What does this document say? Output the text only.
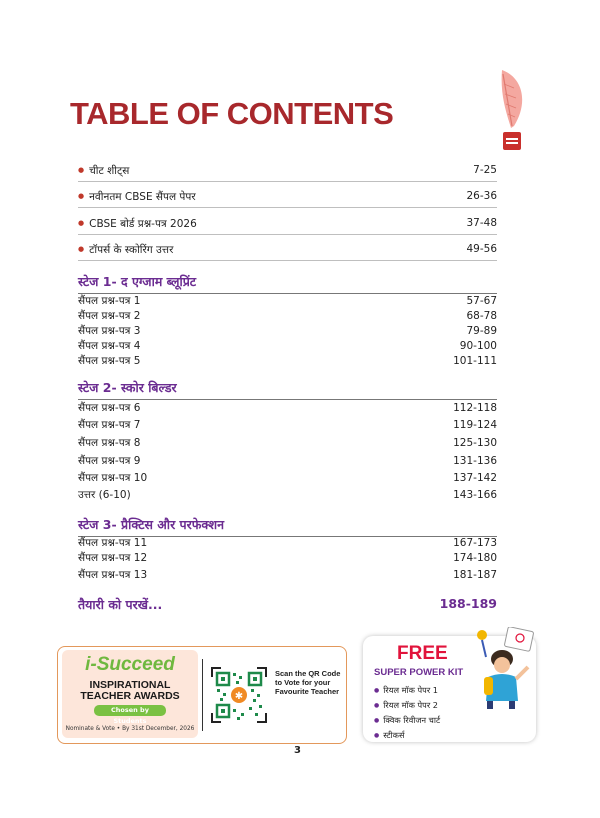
TABLE OF CONTENTS
● चीट शीट्स	7-25
● नवीनतम CBSE सैंपल पेपर	26-36
● CBSE बोर्ड प्रश्न-पत्र 2026	37-48
● टॉपर्स के स्कोरिंग उत्तर	49-56
स्टेज 1- द एग्जाम ब्लूप्रिंट
सैंपल प्रश्न-पत्र 1	57-67
सैंपल प्रश्न-पत्र 2	68-78
सैंपल प्रश्न-पत्र 3	79-89
सैंपल प्रश्न-पत्र 4	90-100
सैंपल प्रश्न-पत्र 5	101-111
स्टेज 2- स्कोर बिल्डर
सैंपल प्रश्न-पत्र 6	112-118
सैंपल प्रश्न-पत्र 7	119-124
सैंपल प्रश्न-पत्र 8	125-130
सैंपल प्रश्न-पत्र 9	131-136
सैंपल प्रश्न-पत्र 10	137-142
उत्तर (6-10)	143-166
स्टेज 3- प्रैक्टिस और परफेक्शन
सैंपल प्रश्न-पत्र 11	167-173
सैंपल प्रश्न-पत्र 12	174-180
सैंपल प्रश्न-पत्र 13	181-187
तैयारी को परखें...	188-189
i-Succeed
INSPIRATIONAL
TEACHER AWARDS
Chosen by Students
Nominate & Vote • By 31st December, 2026
✱
Scan the QR Code to Vote for your Favourite Teacher
FREE
SUPER POWER KIT
● रियल मॉक पेपर 1
● रियल मॉक पेपर 2
● क्विक रिवीजन चार्ट
● स्टीकर्स
3
